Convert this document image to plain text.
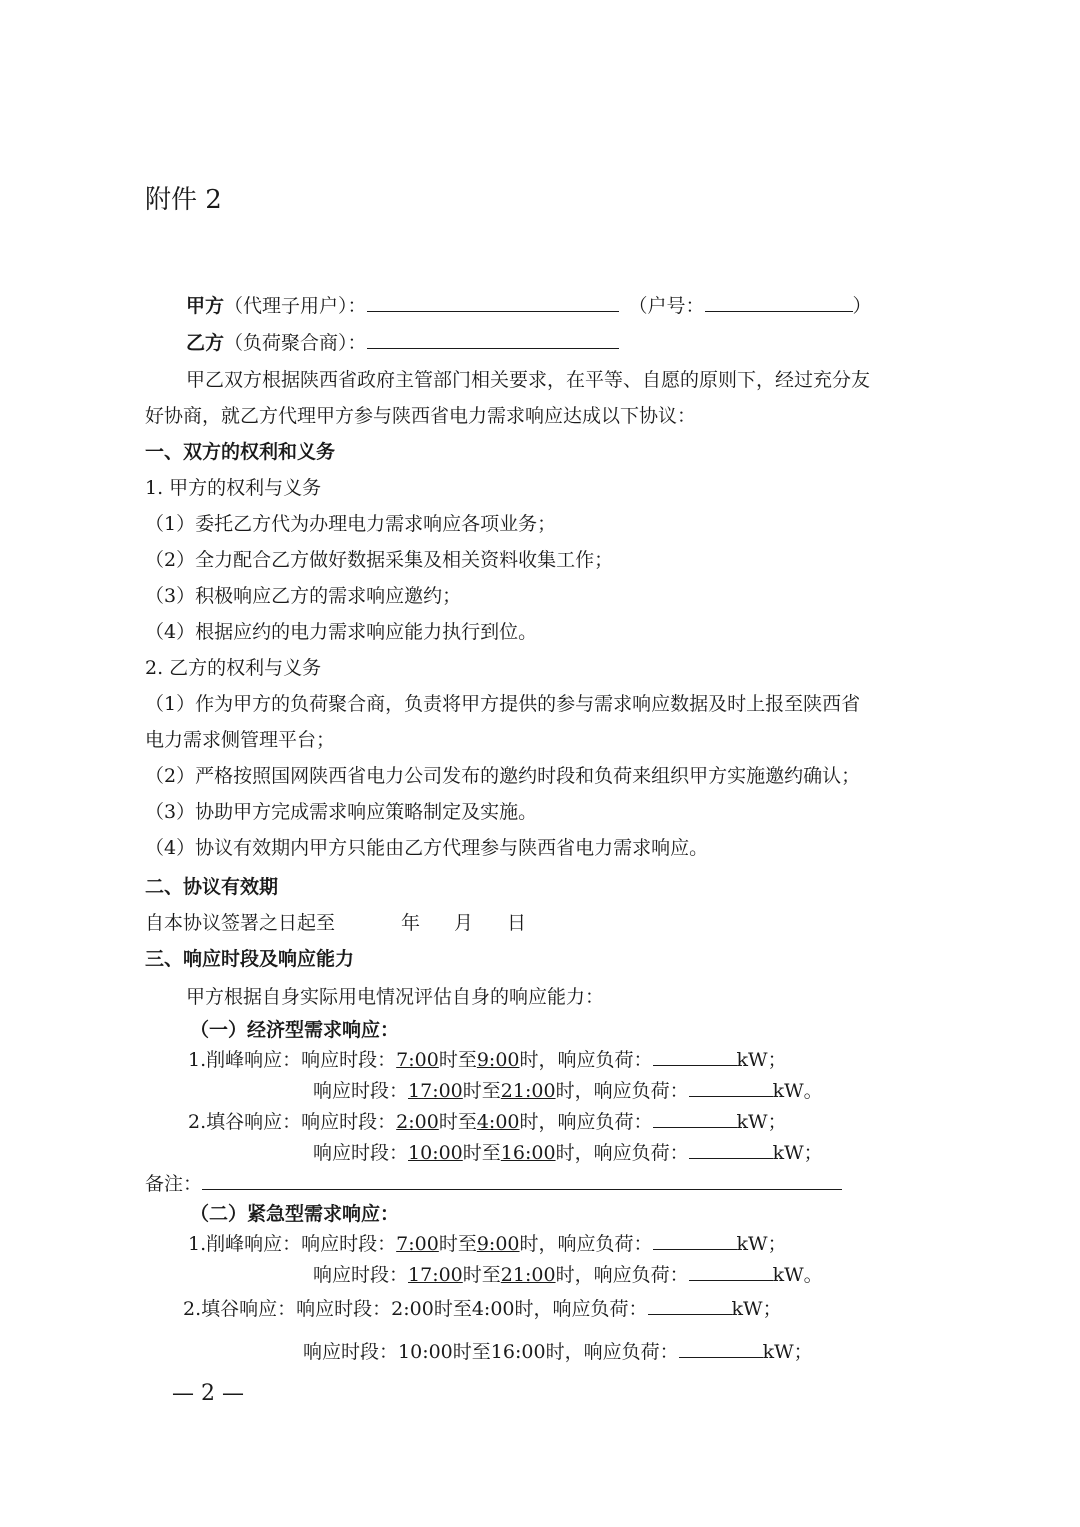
附件 2
甲方（代理子用户）：	（户号：	）
乙方（负荷聚合商）：
甲乙双方根据陕西省政府主管部门相关要求，在平等、自愿的原则下，经过充分友
好协商，就乙方代理甲方参与陕西省电力需求响应达成以下协议：
一、双方的权利和义务
1. 甲方的权利与义务
（1）委托乙方代为办理电力需求响应各项业务；
（2）全力配合乙方做好数据采集及相关资料收集工作；
（3）积极响应乙方的需求响应邀约；
（4）根据应约的电力需求响应能力执行到位。
2. 乙方的权利与义务
（1）作为甲方的负荷聚合商，负责将甲方提供的参与需求响应数据及时上报至陕西省
电力需求侧管理平台；
（2）严格按照国网陕西省电力公司发布的邀约时段和负荷来组织甲方实施邀约确认；
（3）协助甲方完成需求响应策略制定及实施。
（4）协议有效期内甲方只能由乙方代理参与陕西省电力需求响应。
二、协议有效期
自本协议签署之日起至	年 月 日
三、响应时段及响应能力
甲方根据自身实际用电情况评估自身的响应能力：
（一）经济型需求响应：
1.削峰响应：响应时段：7:00时至9:00时，响应负荷：	kW；
响应时段：17:00时至21:00时，响应负荷：	kW。
2.填谷响应：响应时段：2:00时至4:00时，响应负荷：	kW；
响应时段：10:00时至16:00时，响应负荷：	kW；
备注：
（二）紧急型需求响应：
1.削峰响应：响应时段：7:00时至9:00时，响应负荷：	kW；
响应时段：17:00时至21:00时，响应负荷：	kW。
2.填谷响应：响应时段：2:00时至4:00时，响应负荷：	kW；
响应时段：10:00时至16:00时，响应负荷：	kW；
— 2 —
